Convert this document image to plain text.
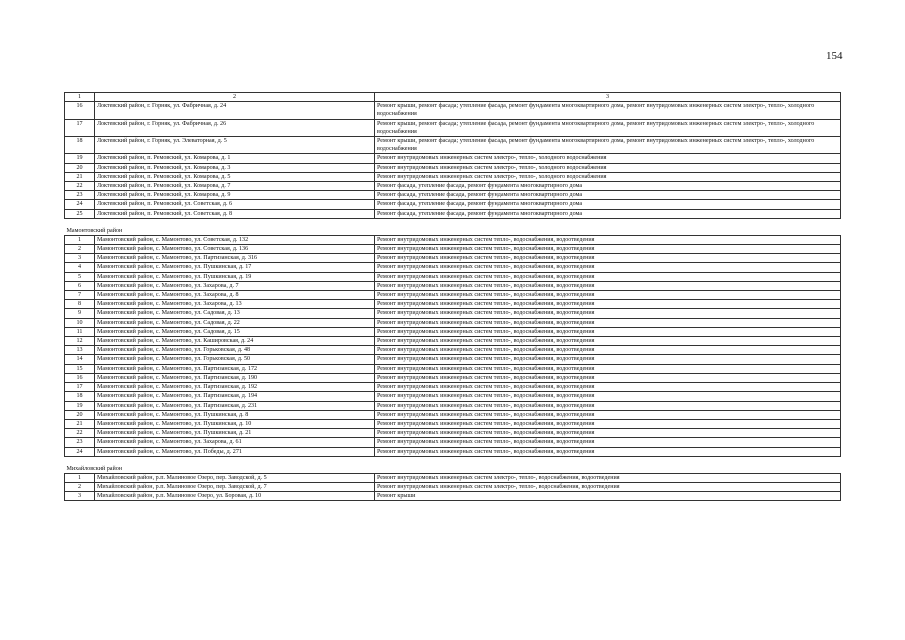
154
1	2	3
16	Локтевский район, г. Горняк, ул. Фабричная, д. 24	Ремонт крыши, ремонт фасада; утепление фасада, ремонт фундамента многоквартирного дома, ремонт внутридомовых инженерных систем электро-, тепло-, холодного водоснабжения
17	Локтевский район, г. Горняк, ул. Фабричная, д. 26	Ремонт крыши, ремонт фасада; утепление фасада, ремонт фундамента многоквартирного дома, ремонт внутридомовых инженерных систем электро-, тепло-, холодного водоснабжения
18	Локтевский район, г. Горняк, ул. Элеваторная, д. 5	Ремонт крыши, ремонт фасада; утепление фасада, ремонт фундамента многоквартирного дома, ремонт внутридомовых инженерных систем электро-, тепло-, холодного водоснабжения
19	Локтевский район, п. Ремовский, ул. Комарова, д. 1	Ремонт внутридомовых инженерных систем электро-, тепло-, холодного водоснабжения
20	Локтевский район, п. Ремовский, ул. Комарова, д. 3	Ремонт внутридомовых инженерных систем электро-, тепло-, холодного водоснабжения
21	Локтевский район, п. Ремовский, ул. Комарова, д. 5	Ремонт внутридомовых инженерных систем электро-, тепло-, холодного водоснабжения
22	Локтевский район, п. Ремовский, ул. Комарова, д. 7	Ремонт фасада, утепление фасада, ремонт фундамента многоквартирного дома
23	Локтевский район, п. Ремовский, ул. Комарова, д. 9	Ремонт фасада, утепление фасада, ремонт фундамента многоквартирного дома
24	Локтевский район, п. Ремовский, ул. Советская, д. 6	Ремонт фасада, утепление фасада, ремонт фундамента многоквартирного дома
25	Локтевский район, п. Ремовский, ул. Советская, д. 8	Ремонт фасада, утепление фасада, ремонт фундамента многоквартирного дома
Мамонтовский район		
1	Мамонтовский район, с. Мамонтово, ул. Советская, д. 132	Ремонт внутридомовых инженерных систем тепло-, водоснабжения, водоотведения
2	Мамонтовский район, с. Мамонтово, ул. Советская, д. 136	Ремонт внутридомовых инженерных систем тепло-, водоснабжения, водоотведения
3	Мамонтовский район, с. Мамонтово, ул. Партизанская, д. 316	Ремонт внутридомовых инженерных систем тепло-, водоснабжения, водоотведения
4	Мамонтовский район, с. Мамонтово, ул. Пушкинская, д. 17	Ремонт внутридомовых инженерных систем тепло-, водоснабжения, водоотведения
5	Мамонтовский район, с. Мамонтово, ул. Пушкинская, д. 19	Ремонт внутридомовых инженерных систем тепло-, водоснабжения, водоотведения
6	Мамонтовский район, с. Мамонтово, ул. Захарова, д. 7	Ремонт внутридомовых инженерных систем тепло-, водоснабжения, водоотведения
7	Мамонтовский район, с. Мамонтово, ул. Захарова, д. 8	Ремонт внутридомовых инженерных систем тепло-, водоснабжения, водоотведения
8	Мамонтовский район, с. Мамонтово, ул. Захарова, д. 13	Ремонт внутридомовых инженерных систем тепло-, водоснабжения, водоотведения
9	Мамонтовский район, с. Мамонтово, ул. Садовая, д. 13	Ремонт внутридомовых инженерных систем тепло-, водоснабжения, водоотведения
10	Мамонтовский район, с. Мамонтово, ул. Садовая, д. 22	Ремонт внутридомовых инженерных систем тепло-, водоснабжения, водоотведения
11	Мамонтовский район, с. Мамонтово, ул. Садовая, д. 15	Ремонт внутридомовых инженерных систем тепло-, водоснабжения, водоотведения
12	Мамонтовский район, с. Мамонтово, ул. Кашировская, д. 24	Ремонт внутридомовых инженерных систем тепло-, водоснабжения, водоотведения
13	Мамонтовский район, с. Мамонтово, ул. Горьковская, д. 48	Ремонт внутридомовых инженерных систем тепло-, водоснабжения, водоотведения
14	Мамонтовский район, с. Мамонтово, ул. Горьковская, д. 50	Ремонт внутридомовых инженерных систем тепло-, водоснабжения, водоотведения
15	Мамонтовский район, с. Мамонтово, ул. Партизанская, д. 172	Ремонт внутридомовых инженерных систем тепло-, водоснабжения, водоотведения
16	Мамонтовский район, с. Мамонтово, ул. Партизанская, д. 190	Ремонт внутридомовых инженерных систем тепло-, водоснабжения, водоотведения
17	Мамонтовский район, с. Мамонтово, ул. Партизанская, д. 192	Ремонт внутридомовых инженерных систем тепло-, водоснабжения, водоотведения
18	Мамонтовский район, с. Мамонтово, ул. Партизанская, д. 194	Ремонт внутридомовых инженерных систем тепло-, водоснабжения, водоотведения
19	Мамонтовский район, с. Мамонтово, ул. Партизанская, д. 231	Ремонт внутридомовых инженерных систем тепло-, водоснабжения, водоотведения
20	Мамонтовский район, с. Мамонтово, ул. Пушкинская, д. 8	Ремонт внутридомовых инженерных систем тепло-, водоснабжения, водоотведения
21	Мамонтовский район, с. Мамонтово, ул. Пушкинская, д. 10	Ремонт внутридомовых инженерных систем тепло-, водоснабжения, водоотведения
22	Мамонтовский район, с. Мамонтово, ул. Пушкинская, д. 21	Ремонт внутридомовых инженерных систем тепло-, водоснабжения, водоотведения
23	Мамонтовский район, с. Мамонтово, ул. Захарова, д. 61	Ремонт внутридомовых инженерных систем тепло-, водоснабжения, водоотведения
24	Мамонтовский район, с. Мамонтово, ул. Победы, д. 271	Ремонт внутридомовых инженерных систем тепло-, водоснабжения, водоотведения
Михайловский район		
1	Михайловский район, р.п. Малиновое Озеро, пер. Заводской, д. 5	Ремонт внутридомовых инженерных систем электро-, тепло-, водоснабжения, водоотведения
2	Михайловский район, р.п. Малиновое Озеро, пер. Заводской, д. 7	Ремонт внутридомовых инженерных систем электро-, тепло-, водоснабжения, водоотведения
3	Михайловский район, р.п. Малиновое Озеро, ул. Боровая, д. 10	Ремонт крыши
